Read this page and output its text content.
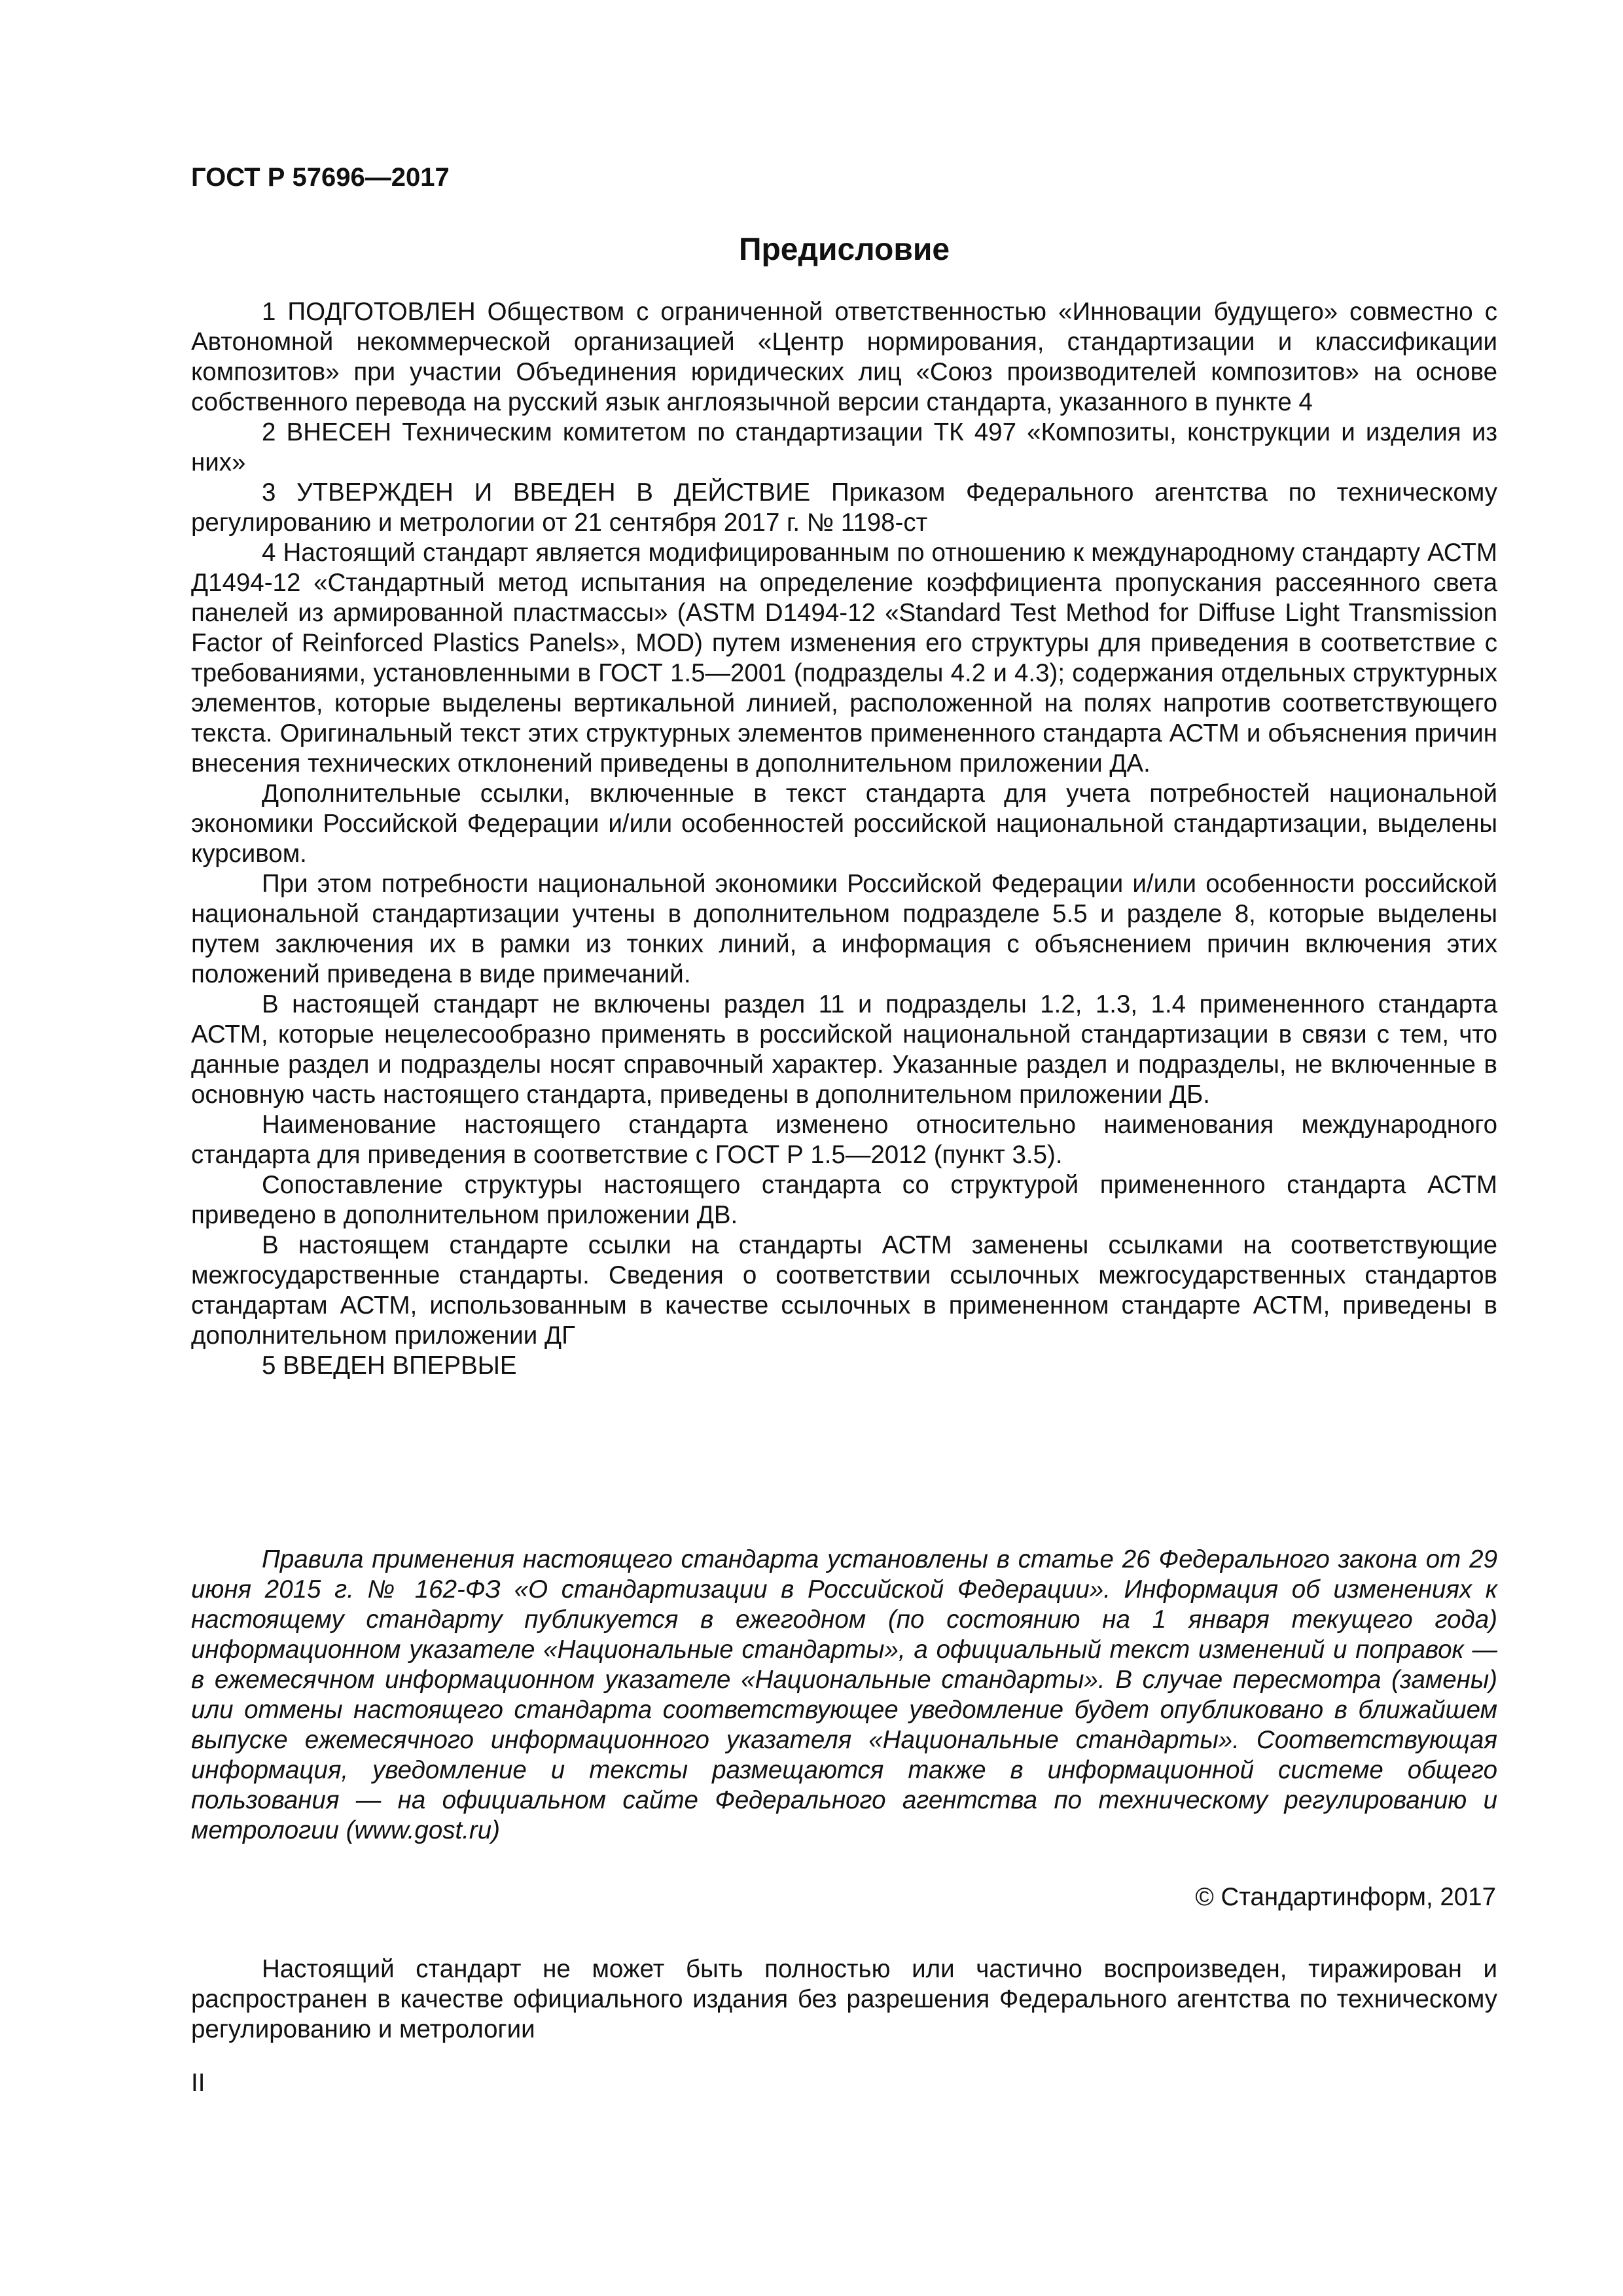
ГОСТ Р 57696—2017
Предисловие

1 ПОДГОТОВЛЕН Обществом с ограниченной ответственностью «Инновации будущего» совместно с Автономной некоммерческой организацией «Центр нормирования, стандартизации и классификации композитов» при участии Объединения юридических лиц «Союз производителей композитов» на основе собственного перевода на русский язык англоязычной версии стандарта, указанного в пункте 4

2 ВНЕСЕН Техническим комитетом по стандартизации ТК 497 «Композиты, конструкции и изделия из них»

3 УТВЕРЖДЕН И ВВЕДЕН В ДЕЙСТВИЕ Приказом Федерального агентства по техническому регулированию и метрологии от 21 сентября 2017 г. № 1198-ст

4 Настоящий стандарт является модифицированным по отношению к международному стандарту АСТМ Д1494-12 «Стандартный метод испытания на определение коэффициента пропускания рассеянного света панелей из армированной пластмассы» (ASTM D1494-12 «Standard Test Method for Diffuse Light Transmission Factor of Reinforced Plastics Panels», MOD) путем изменения его структуры для приведения в соответствие с требованиями, установленными в ГОСТ 1.5—2001 (подразделы 4.2 и 4.3); содержания отдельных структурных элементов, которые выделены вертикальной линией, расположенной на полях напротив соответствующего текста. Оригинальный текст этих структурных элементов примененного стандарта АСТМ и объяснения причин внесения технических отклонений приведены в дополнительном приложении ДА.

Дополнительные ссылки, включенные в текст стандарта для учета потребностей национальной экономики Российской Федерации и/или особенностей российской национальной стандартизации, выделены курсивом.

При этом потребности национальной экономики Российской Федерации и/или особенности российской национальной стандартизации учтены в дополнительном подразделе 5.5 и разделе 8, которые выделены путем заключения их в рамки из тонких линий, а информация с объяснением причин включения этих положений приведена в виде примечаний.

В настоящей стандарт не включены раздел 11 и подразделы 1.2, 1.3, 1.4 примененного стандарта АСТМ, которые нецелесообразно применять в российской национальной стандартизации в связи с тем, что данные раздел и подразделы носят справочный характер. Указанные раздел и подразделы, не включенные в основную часть настоящего стандарта, приведены в дополнительном приложении ДБ.

Наименование настоящего стандарта изменено относительно наименования международного стандарта для приведения в соответствие с ГОСТ Р 1.5—2012 (пункт 3.5).

Сопоставление структуры настоящего стандарта со структурой примененного стандарта АСТМ приведено в дополнительном приложении ДВ.

В настоящем стандарте ссылки на стандарты АСТМ заменены ссылками на соответствующие межгосударственные стандарты. Сведения о соответствии ссылочных межгосударственных стандартов стандартам АСТМ, использованным в качестве ссылочных в примененном стандарте АСТМ, приведены в дополнительном приложении ДГ

5 ВВЕДЕН ВПЕРВЫЕ

Правила применения настоящего стандарта установлены в статье 26 Федерального закона от 29 июня 2015 г. № 162-ФЗ «О стандартизации в Российской Федерации». Информация об изменениях к настоящему стандарту публикуется в ежегодном (по состоянию на 1 января текущего года) информационном указателе «Национальные стандарты», а официальный текст изменений и поправок — в ежемесячном информационном указателе «Национальные стандарты». В случае пересмотра (замены) или отмены настоящего стандарта соответствующее уведомление будет опубликовано в ближайшем выпуске ежемесячного информационного указателя «Национальные стандарты». Соответствующая информация, уведомление и тексты размещаются также в информационной системе общего пользования — на официальном сайте Федерального агентства по техническому регулированию и метрологии (www.gost.ru)

© Стандартинформ, 2017

Настоящий стандарт не может быть полностью или частично воспроизведен, тиражирован и распространен в качестве официального издания без разрешения Федерального агентства по техническому регулированию и метрологии

II
